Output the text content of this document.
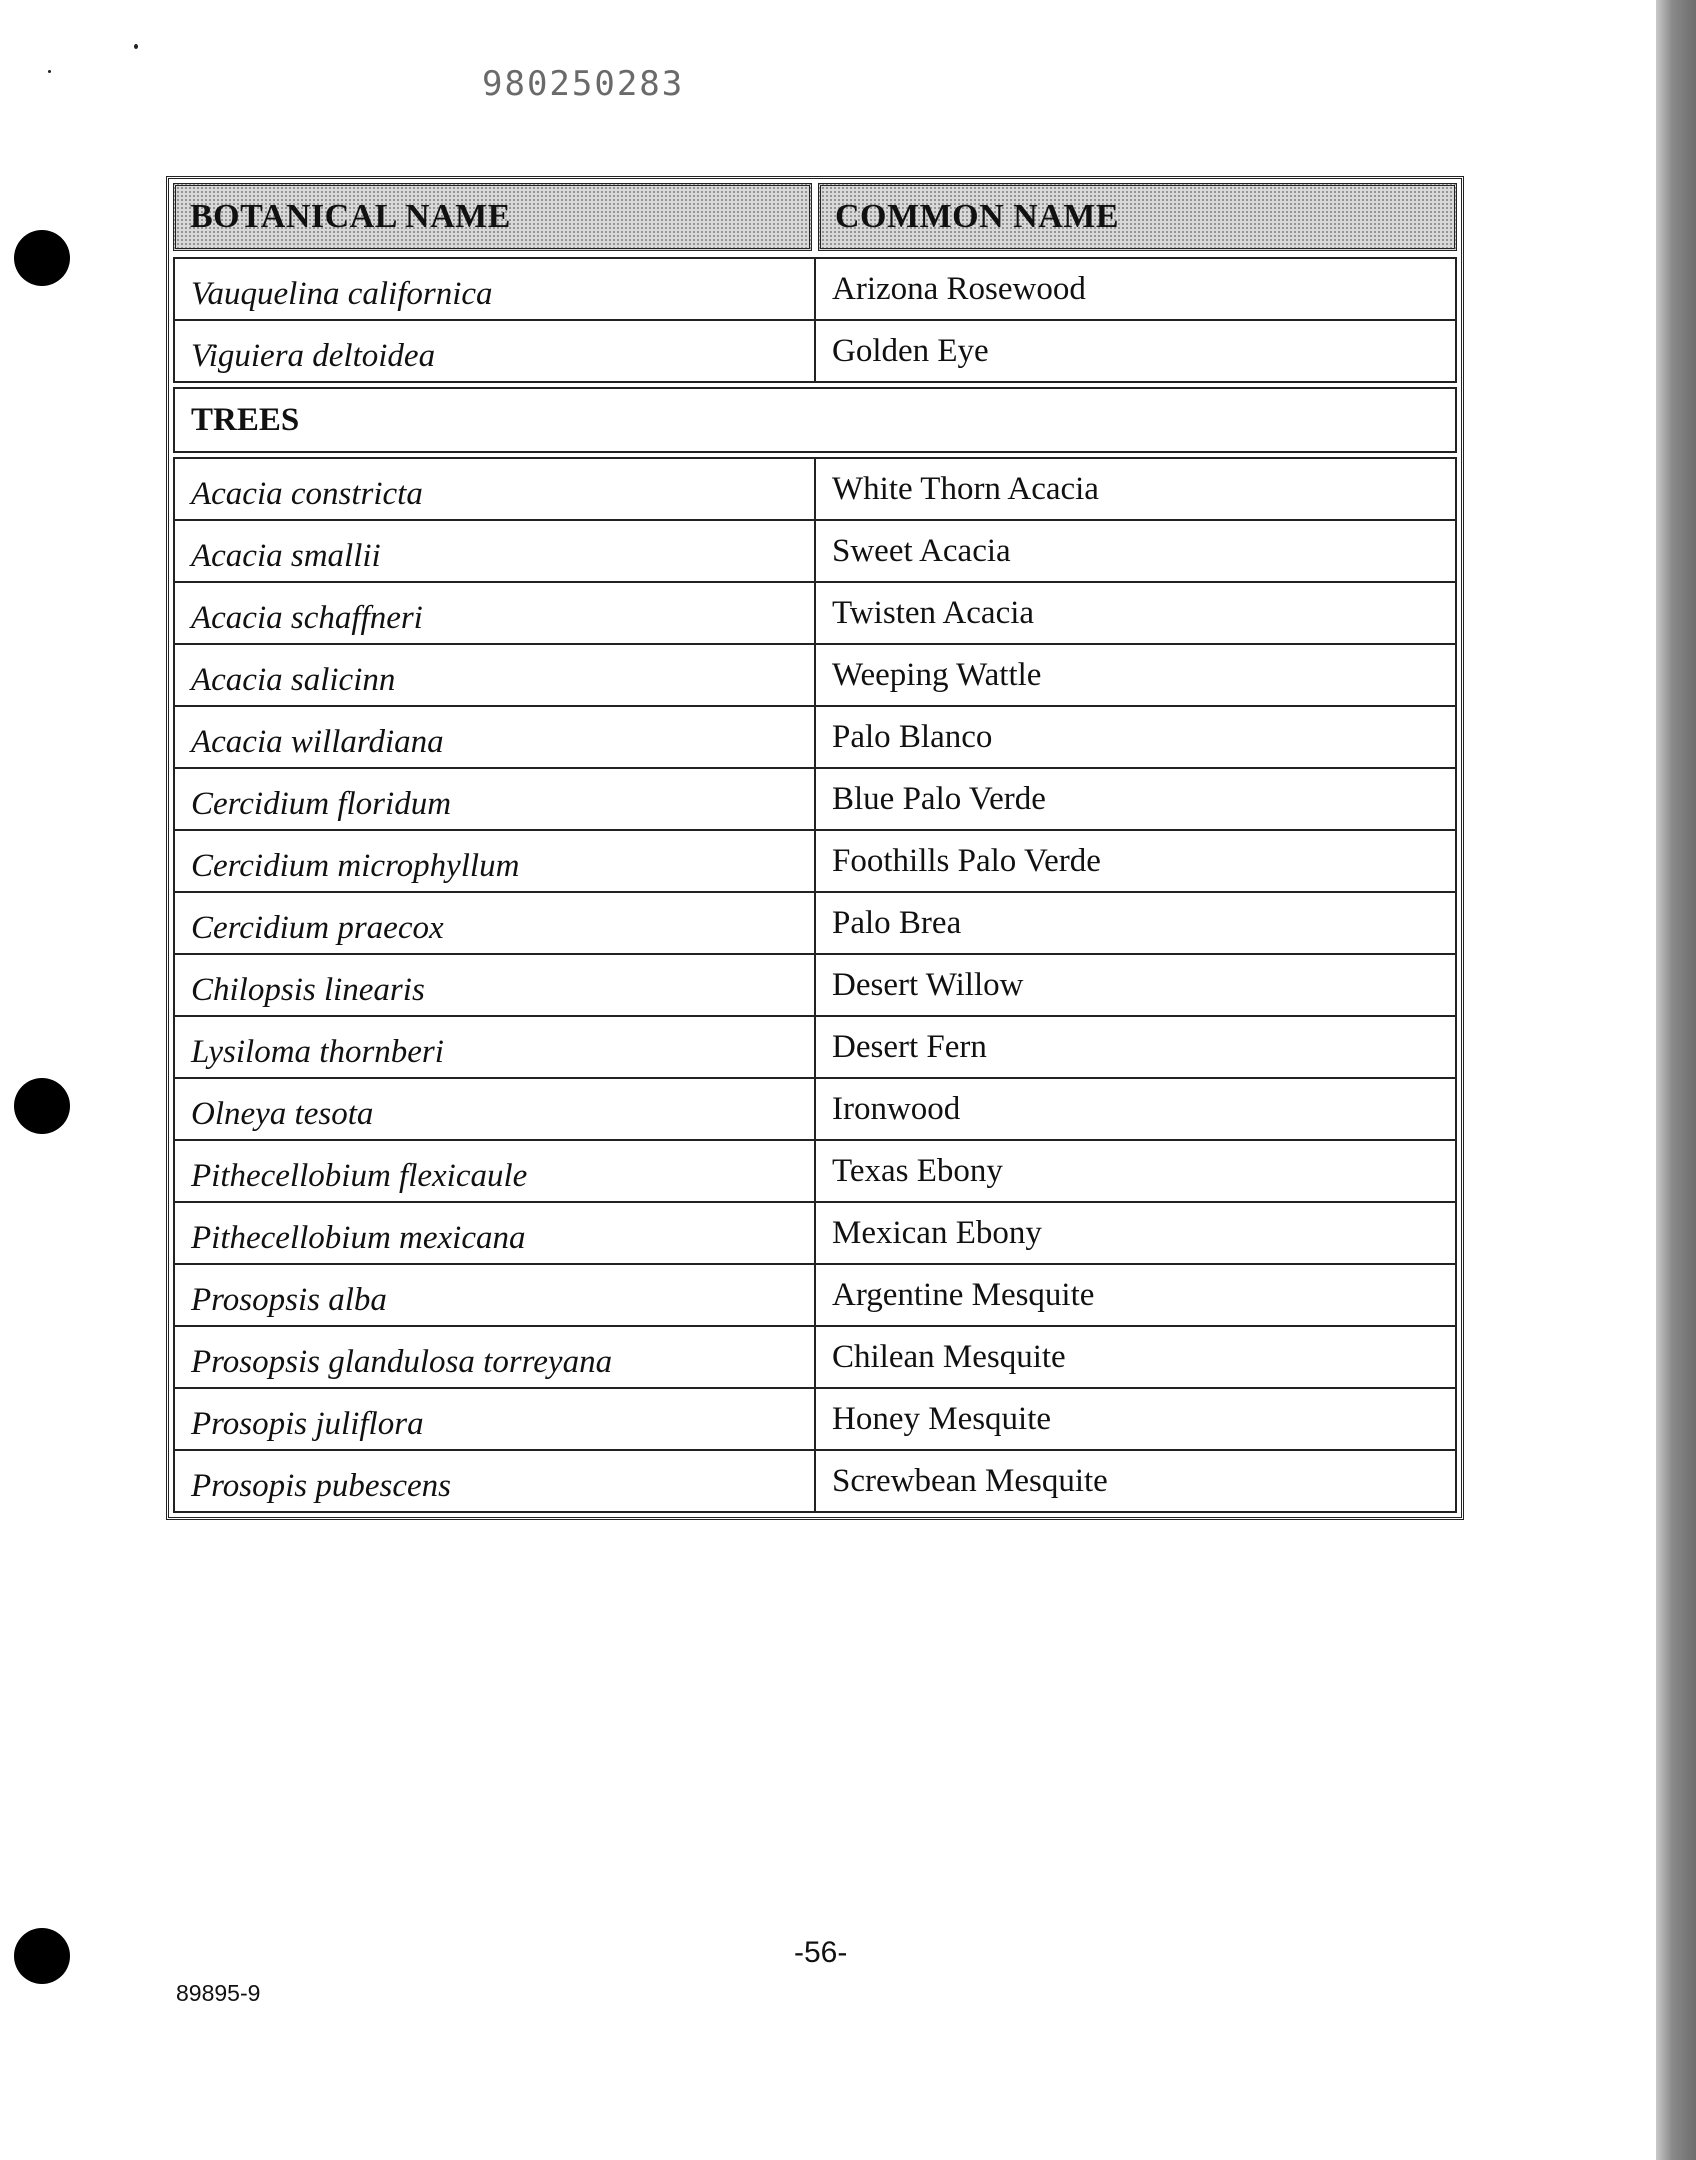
980250283
BOTANICAL NAME	COMMON NAME
Vauquelina californica	Arizona Rosewood
Viguiera deltoidea	Golden Eye
TREES
Acacia constricta	White Thorn Acacia
Acacia smallii	Sweet Acacia
Acacia schaffneri	Twisten Acacia
Acacia salicinn	Weeping Wattle
Acacia willardiana	Palo Blanco
Cercidium floridum	Blue Palo Verde
Cercidium microphyllum	Foothills Palo Verde
Cercidium praecox	Palo Brea
Chilopsis linearis	Desert Willow
Lysiloma thornberi	Desert Fern
Olneya tesota	Ironwood
Pithecellobium flexicaule	Texas Ebony
Pithecellobium mexicana	Mexican Ebony
Prosopsis alba	Argentine Mesquite
Prosopsis glandulosa torreyana	Chilean Mesquite
Prosopis juliflora	Honey Mesquite
Prosopis pubescens	Screwbean Mesquite
-56-
89895-9
